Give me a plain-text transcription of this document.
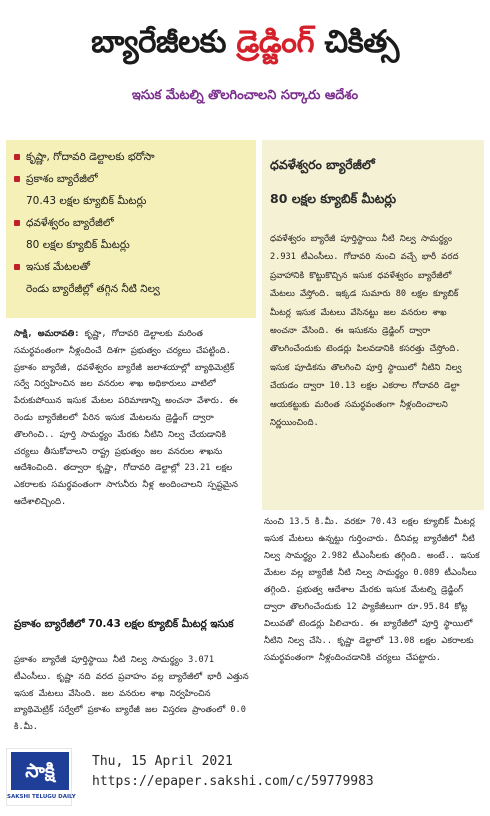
బ్యారేజీలకు డ్రెడ్జింగ్ చికిత్స
ఇసుక మేటల్ని తొలగించాలని సర్కారు ఆదేశం
కృష్ణా, గోదావరి డెల్టాలకు భరోసా
ప్రకాశం బ్యారేజీలో
70.43 లక్షల క్యూబిక్ మీటర్లు
ధవళేశ్వరం బ్యారేజీలో
80 లక్షల క్యూబిక్ మీటర్లు
ఇసుక మేటలతో
రెండు బ్యారేజీల్లో తగ్గిన నీటి నిల్వ
ధవళేశ్వరం బ్యారేజీలో
80 లక్షల క్యూబిక్ మీటర్లు
ధవళేశ్వరం బ్యారేజీ పూర్తిస్థాయి నీటి నిల్వ సామర్థ్యం 2.931 టీఎంసీలు. గోదావరి నుంచి వచ్చే భారీ వరద ప్రవాహానికి కొట్టుకొచ్చిన ఇసుక ధవళేశ్వరం బ్యారేజీలో మేటలు వేస్తోంది. ఇక్కడ సుమారు 80 లక్షల క్యూబిక్ మీటర్ల ఇసుక మేటలు వేసినట్టు జల వనరుల శాఖ అంచనా వేసింది. ఈ ఇసుకను డ్రెడ్జింగ్ ద్వారా తొలగించేందుకు టెండర్లు పిలవడానికి కసరత్తు చేస్తోంది. ఇసుక పూడికను తొలగించి పూర్తి స్థాయిలో నీటిని నిల్వ చేయడం ద్వారా 10.13 లక్షల ఎకరాల గోదావరి డెల్టా ఆయకట్టుకు మరింత సమర్థవంతంగా నీళ్లందించాలని నిర్ణయించింది.
సాక్షి, అమరావతి: కృష్ణా, గోదావరి డెల్టాలకు మరింత సమర్థవంతంగా నీళ్లందించే దిశగా ప్రభుత్వం చర్యలు చేపట్టింది. ప్రకాశం బ్యారేజీ, ధవళేశ్వరం బ్యారేజీ జలాశయాల్లో బ్యాథిమెట్రిక్ సర్వే నిర్వహించిన జల వనరుల శాఖ అధికారులు వాటిలో పేరుకుపోయిన ఇసుక మేటల పరిమాణాన్ని అంచనా వేశారు. ఈ రెండు బ్యారేజీలలో పేరిన ఇసుక మేటలను డ్రెడ్జింగ్ ద్వారా తొలగించి.. పూర్తి సామర్థ్యం మేరకు నీటిని నిల్వ చేయడానికి చర్యలు తీసుకోవాలని రాష్ట్ర ప్రభుత్వం జల వనరుల శాఖను ఆదేశించింది. తద్వారా కృష్ణా, గోదావరి డెల్టాల్లో 23.21 లక్షల ఎకరాలకు సమర్థవంతంగా సాగునీరు నీళ్ల అందించాలని స్పష్టమైన ఆదేశాలిచ్చింది.
ప్రకాశం బ్యారేజీలో 70.43 లక్షల క్యూబిక్ మీటర్ల ఇసుక
ప్రకాశం బ్యారేజీ పూర్తిస్థాయి నీటి నిల్వ సామర్థ్యం 3.071 టీఎంసీలు. కృష్ణా నది వరద ప్రవాహం వల్ల బ్యారేజీలో భారీ ఎత్తున ఇసుక మేటలు వేసింది. జల వనరుల శాఖ నిర్వహించిన బ్యాథిమెట్రిక్ సర్వేలో ప్రకాశం బ్యారేజీ జల విస్తరణ ప్రాంతంలో 0.0 కి.మీ.
నుంచి 13.5 కి.మీ. వరకూ 70.43 లక్షల క్యూబిక్ మీటర్ల ఇసుక మేటలు ఉన్నట్టు గుర్తించారు. దీనివల్ల బ్యారేజీలో నీటి నిల్వ సామర్థ్యం 2.982 టీఎంసీలకు తగ్గింది. అంటే.. ఇసుక మేటల వల్ల బ్యారేజీ నీటి నిల్వ సామర్థ్యం 0.089 టీఎంసీలు తగ్గింది. ప్రభుత్వ ఆదేశాల మేరకు ఇసుక మేటల్ని డ్రెడ్జింగ్ ద్వారా తొలగించేందుకు 12 ప్యాకేజీలుగా రూ.95.84 కోట్ల విలువతో టెండర్లు పిలిచారు. ఈ బ్యారేజీలో పూర్తి స్థాయిలో నీటిని నిల్వ చేసి.. కృష్ణా డెల్టాలో 13.08 లక్షల ఎకరాలకు సమర్థవంతంగా నీళ్లందించడానికి చర్యలు చేపట్టారు.
సాక్షి
SAKSHI TELUGU DAILY
Thu, 15 April 2021
https://epaper.sakshi.com/c/59779983
